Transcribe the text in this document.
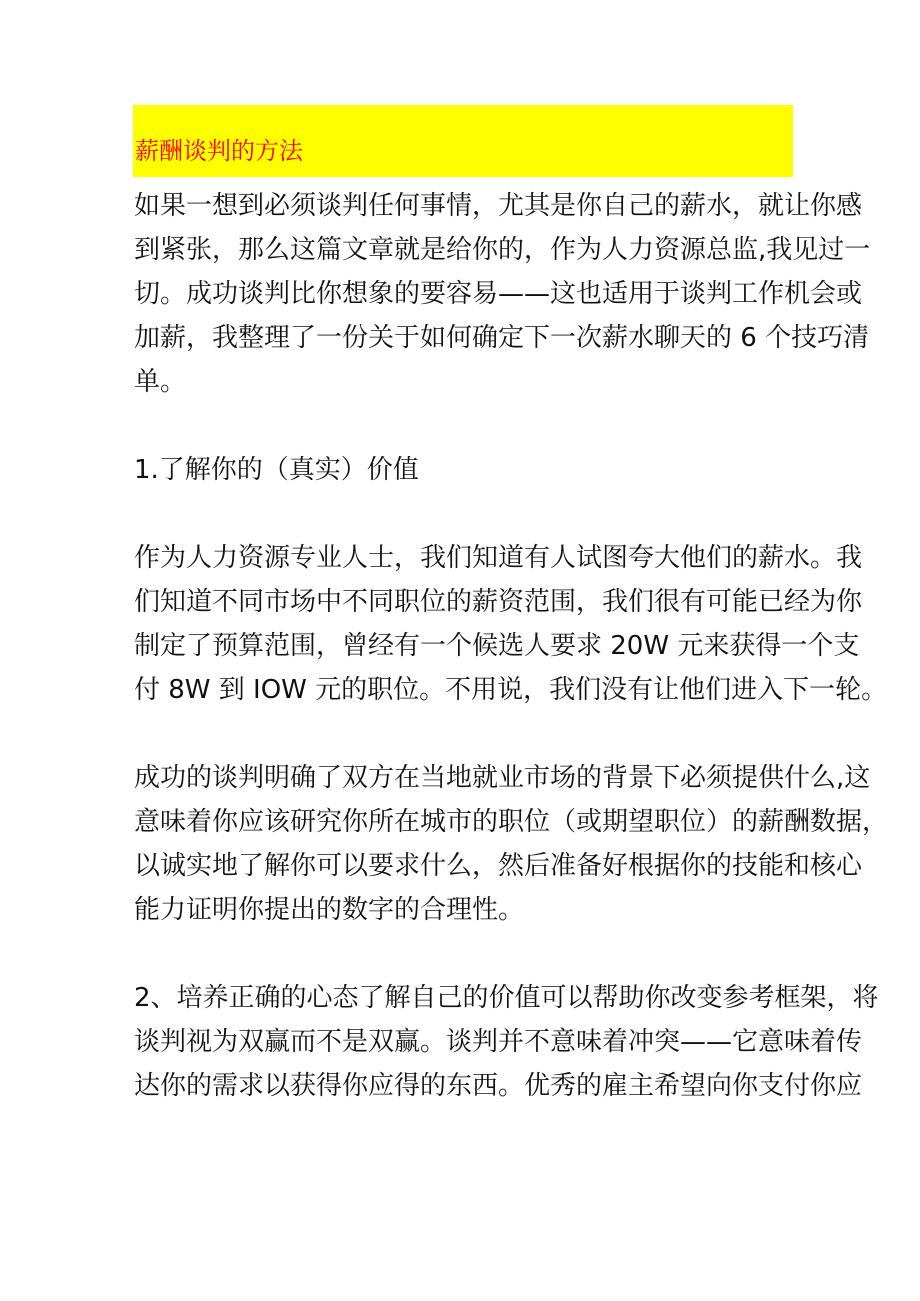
薪酬谈判的方法

如果一想到必须谈判任何事情，尤其是你自己的薪水，就让你感

到紧张，那么这篇文章就是给你的，作为人力资源总监,我见过一

切。成功谈判比你想象的要容易——这也适用于谈判工作机会或

加薪，我整理了一份关于如何确定下一次薪水聊天的 6 个技巧清

单。

1.了解你的（真实）价值

作为人力资源专业人士，我们知道有人试图夸大他们的薪水。我

们知道不同市场中不同职位的薪资范围，我们很有可能已经为你

制定了预算范围，曾经有一个候选人要求 20W 元来获得一个支

付 8W 到 IOW 元的职位。不用说，我们没有让他们进入下一轮。

成功的谈判明确了双方在当地就业市场的背景下必须提供什么,这

意味着你应该研究你所在城市的职位（或期望职位）的薪酬数据，

以诚实地了解你可以要求什么，然后准备好根据你的技能和核心

能力证明你提出的数字的合理性。

2、培养正确的心态了解自己的价值可以帮助你改变参考框架，将

谈判视为双赢而不是双赢。谈判并不意味着冲突——它意味着传

达你的需求以获得你应得的东西。优秀的雇主希望向你支付你应
